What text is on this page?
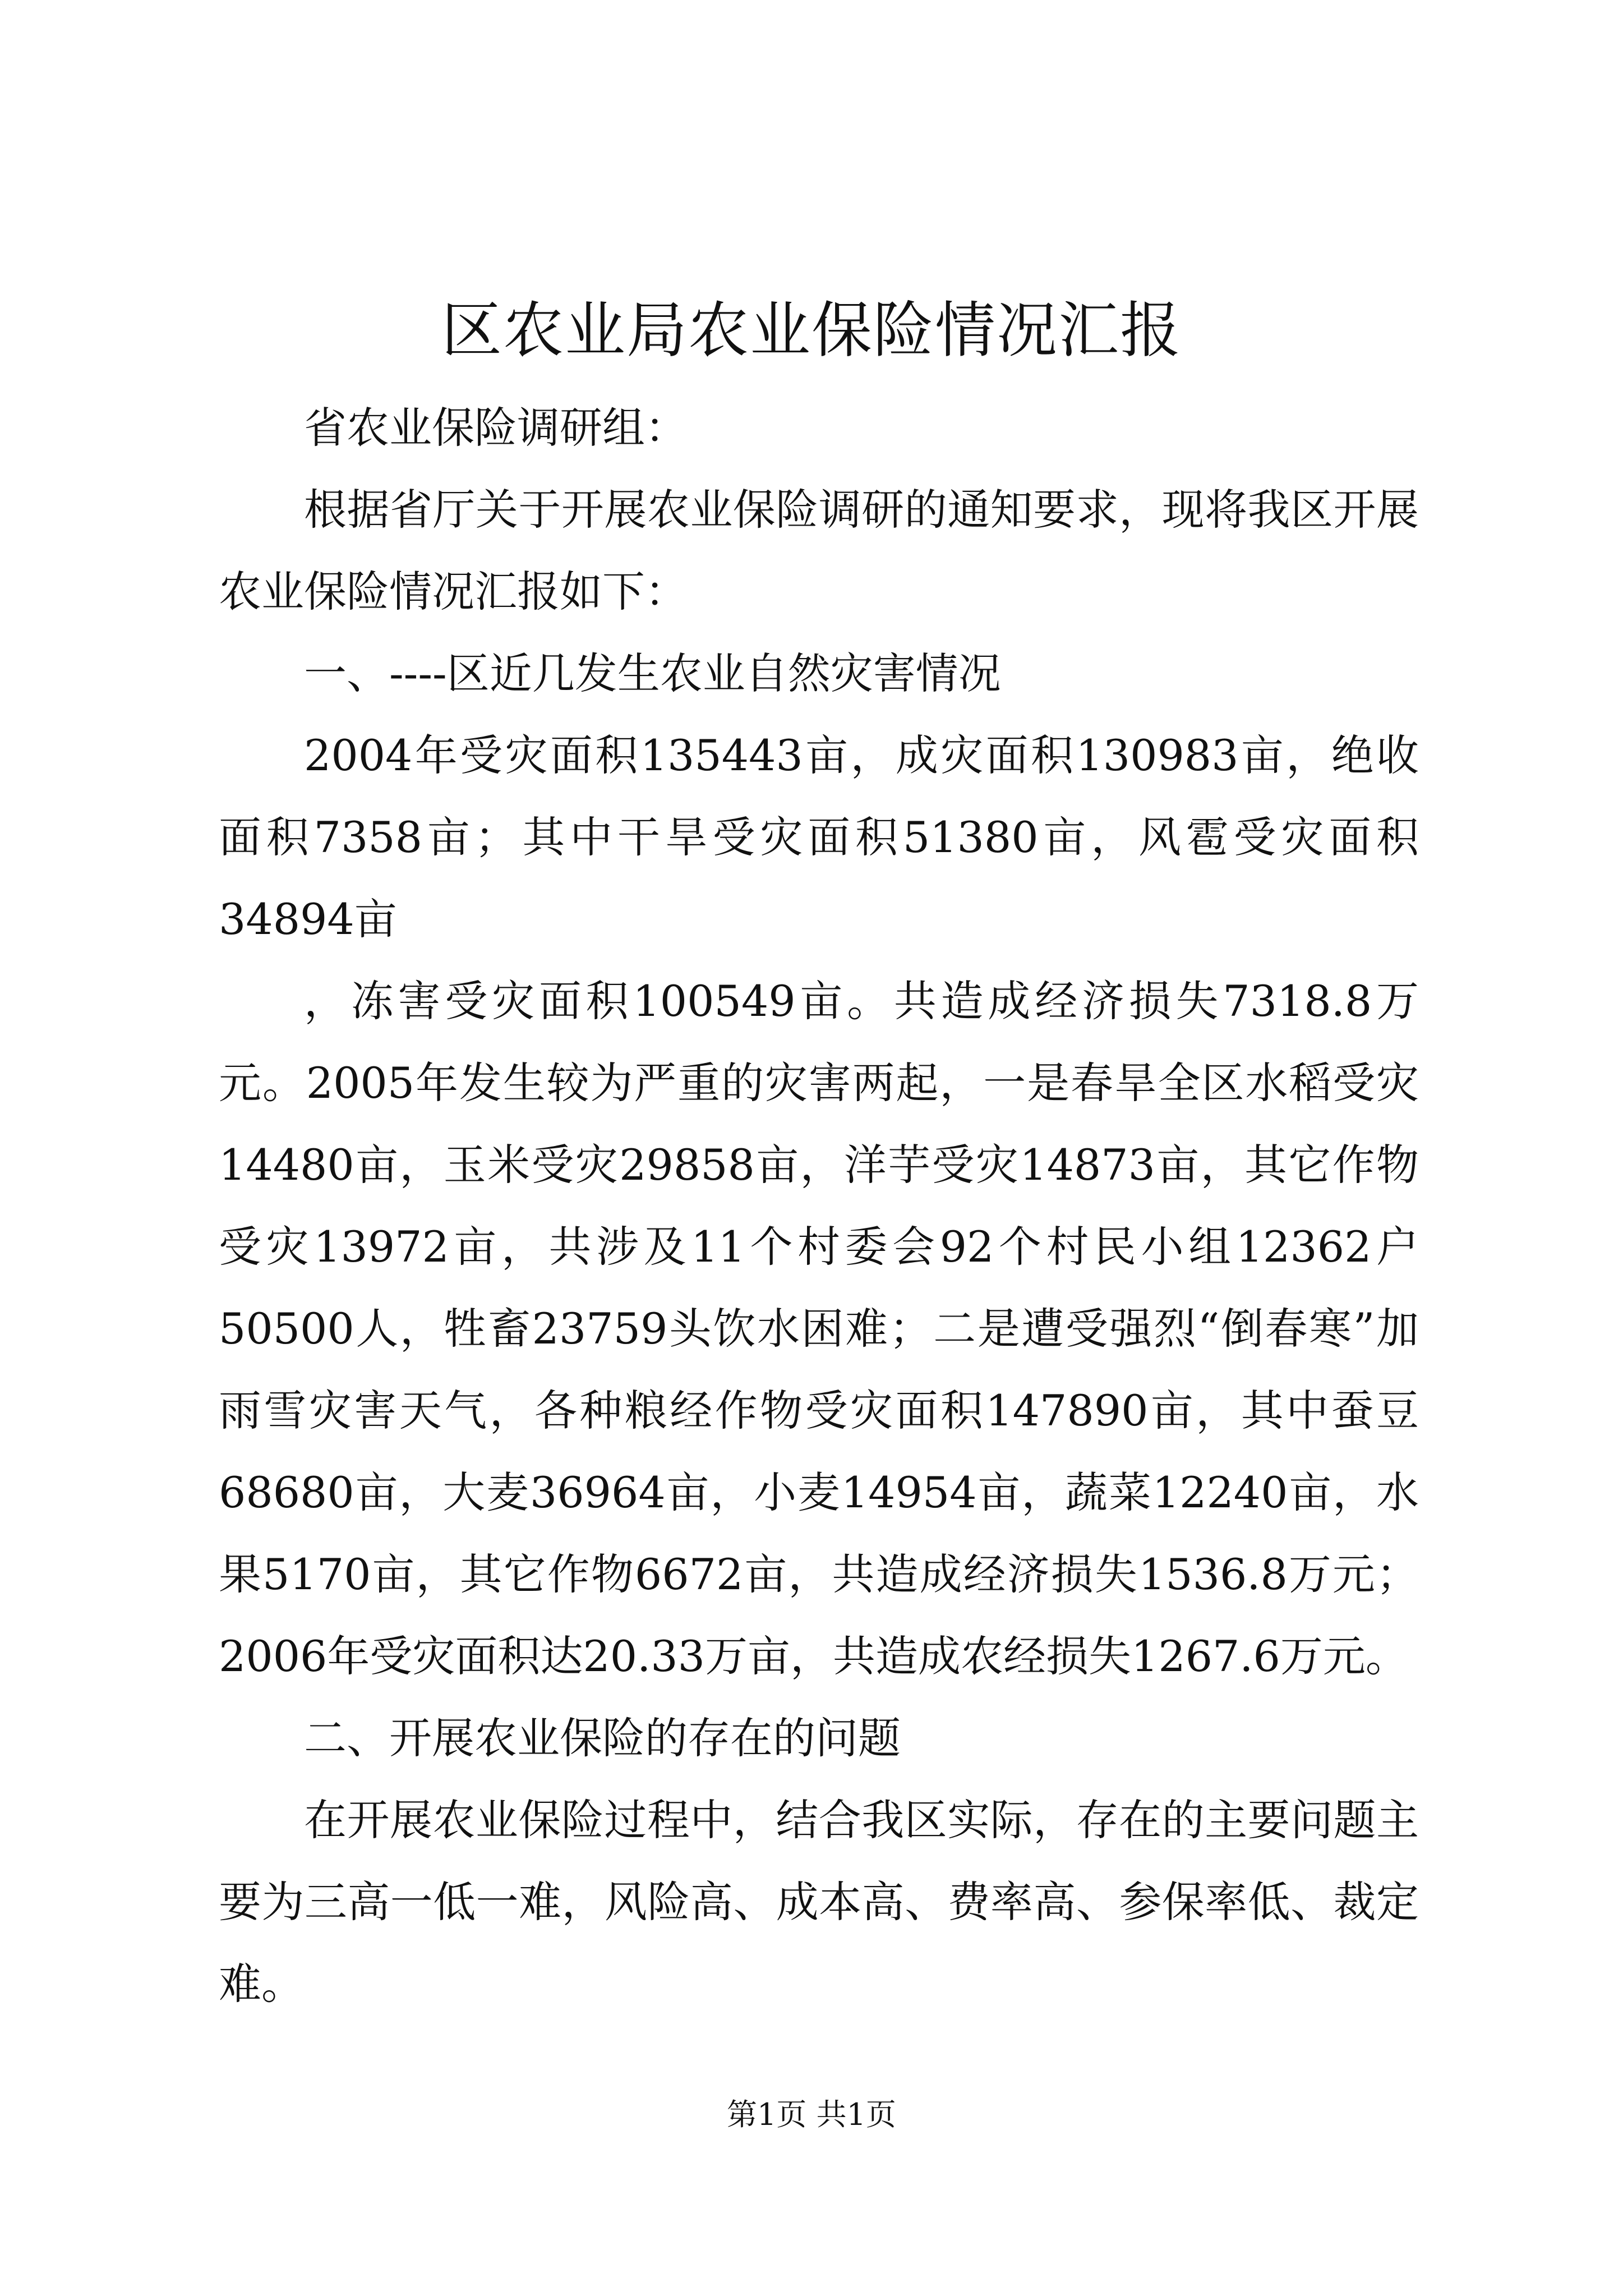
区农业局农业保险情况汇报

省农业保险调研组：

根据省厅关于开展农业保险调研的通知要求，现将我区开展农业保险情况汇报如下：

一、----区近几发生农业自然灾害情况

2004年受灾面积135443亩，成灾面积130983亩，绝收面积7358亩；其中干旱受灾面积51380亩，风雹受灾面积34894亩

，冻害受灾面积100549亩。共造成经济损失7318.8万元。2005年发生较为严重的灾害两起，一是春旱全区水稻受灾14480亩，玉米受灾29858亩，洋芋受灾14873亩，其它作物受灾13972亩，共涉及11个村委会92个村民小组12362户50500人，牲畜23759头饮水困难；二是遭受强烈“倒春寒”加雨雪灾害天气，各种粮经作物受灾面积147890亩，其中蚕豆68680亩，大麦36964亩，小麦14954亩，蔬菜12240亩，水果5170亩，其它作物6672亩，共造成经济损失1536.8万元；2006年受灾面积达20.33万亩，共造成农经损失1267.6万元。

二、开展农业保险的存在的问题

在开展农业保险过程中，结合我区实际，存在的主要问题主要为三高一低一难，风险高、成本高、费率高、参保率低、裁定难。

第1页 共1页
